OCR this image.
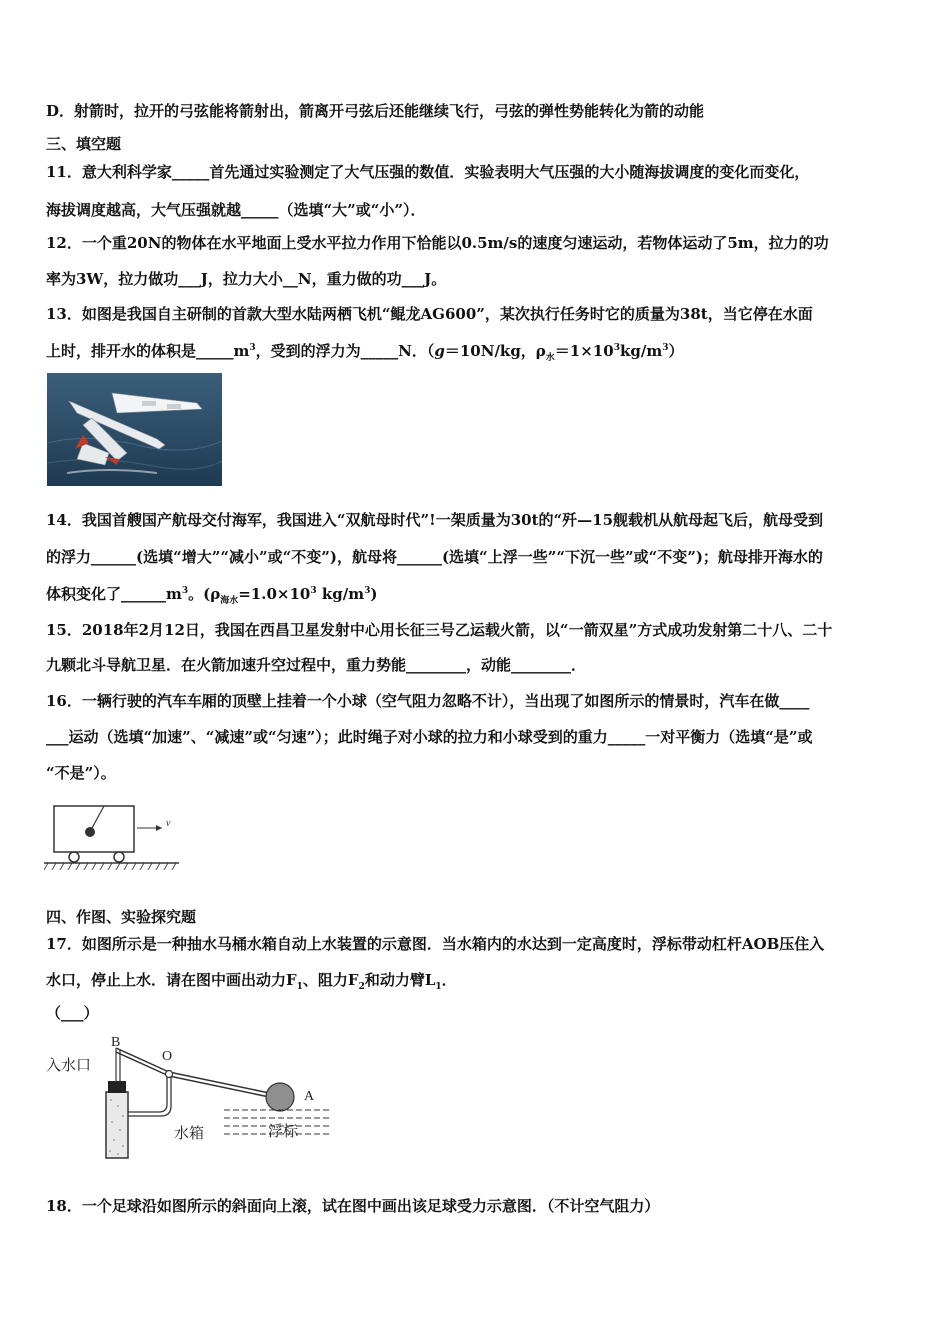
D．射箭时，拉开的弓弦能将箭射出，箭离开弓弦后还能继续飞行，弓弦的弹性势能转化为箭的动能
三、填空题
11．意大利科学家_____首先通过实验测定了大气压强的数值．实验表明大气压强的大小随海拔调度的变化而变化，
海拔调度越高，大气压强就越_____（选填“大”或“小”）．
12．一个重20N的物体在水平地面上受水平拉力作用下恰能以0.5m/s的速度匀速运动，若物体运动了5m，拉力的功
率为3W，拉力做功___J，拉力大小__N，重力做的功___J。
13．如图是我国自主研制的首款大型水陆两栖飞机“鲲龙AG600”，某次执行任务时它的质量为38t，当它停在水面
上时，排开水的体积是$\_\_\_\_\_m^3$，受到的浮力为_____N．（g＝10N/kg，$\rho_水=1\times 10^3kg/m^3$）
14．我国首艘国产航母交付海军，我国进入“双航母时代”!一架质量为30t的“歼—15舰载机从航母起飞后，航母受到
的浮力______(选填“增大”“减小”或“不变”)，航母将______(选填“上浮一些”“下沉一些”或“不变”)；航母排开海水的
体积变化了$\_\_\_\_\_\_m^3$。($\rho_{海水}=1.0\times 10^3$ $kg/m^3$)
15．2018年2月12日，我国在西昌卫星发射中心用长征三号乙运载火箭，以“一箭双星”方式成功发射第二十八、二十
九颗北斗导航卫星．在火箭加速升空过程中，重力势能________，动能________．
16．一辆行驶的汽车车厢的顶壁上挂着一个小球（空气阻力忽略不计），当出现了如图所示的情景时，汽车在做____
___运动（选填“加速”、“减速”或“匀速”）；此时绳子对小球的拉力和小球受到的重力_____一对平衡力（选填“是”或
“不是”）。
v
四、作图、实验探究题
17．如图所示是一种抽水马桶水箱自动上水装置的示意图．当水箱内的水达到一定高度时，浮标带动杠杆AOB压住入
水口，停止上水．请在图中画出动力$F_1$、阻力$F_2$和动力臂$L_1$．
（___）
B
O
A
入水口
水箱	浮标
18．一个足球沿如图所示的斜面向上滚，试在图中画出该足球受力示意图．（不计空气阻力）
